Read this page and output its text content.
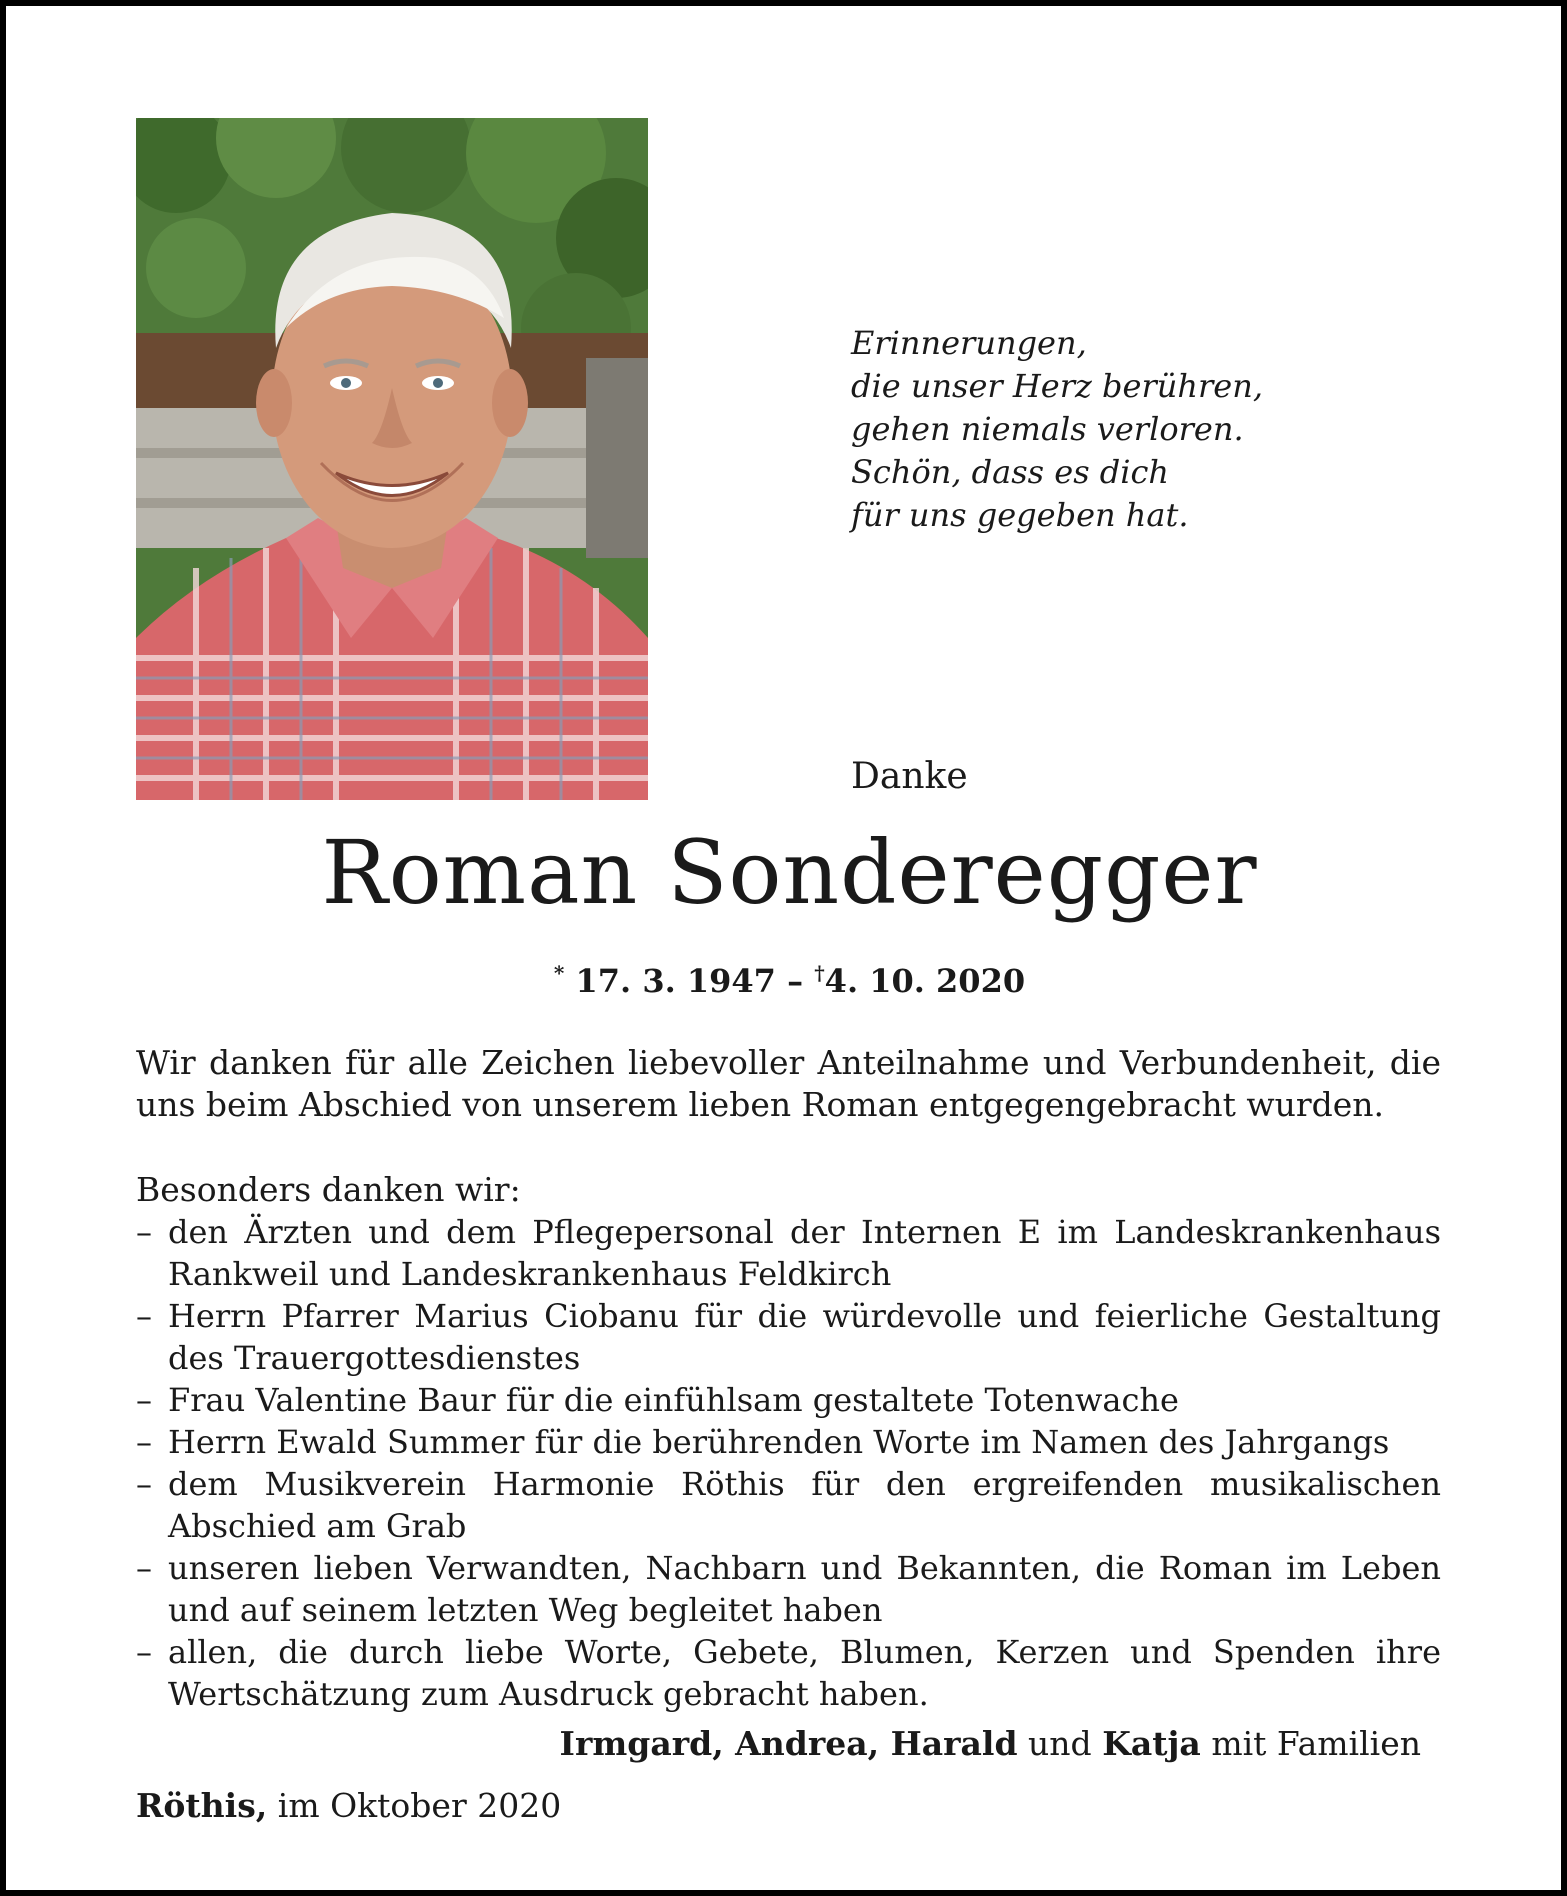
Erinnerungen,
die unser Herz berühren,
gehen niemals verloren.
Schön, dass es dich
für uns gegeben hat.
Danke
Roman Sonderegger
* 17. 3. 1947 – †4. 10. 2020
Wir danken für alle Zeichen liebevoller Anteilnahme und Verbundenheit, die uns beim Abschied von unserem lieben Roman entgegengebracht wurden.
Besonders danken wir:
– den Ärzten und dem Pflegepersonal der Internen E im Landeskrankenhaus Rankweil und Landeskrankenhaus Feldkirch
– Herrn Pfarrer Marius Ciobanu für die würdevolle und feierliche Gestaltung des Trauergottesdienstes
– Frau Valentine Baur für die einfühlsam gestaltete Totenwache
– Herrn Ewald Summer für die berührenden Worte im Namen des Jahrgangs
– dem Musikverein Harmonie Röthis für den ergreifenden musikalischen Abschied am Grab
– unseren lieben Verwandten, Nachbarn und Bekannten, die Roman im Leben und auf seinem letzten Weg begleitet haben
– allen, die durch liebe Worte, Gebete, Blumen, Kerzen und Spenden ihre Wertschätzung zum Ausdruck gebracht haben.
Irmgard, Andrea, Harald und Katja mit Familien
Röthis, im Oktober 2020
